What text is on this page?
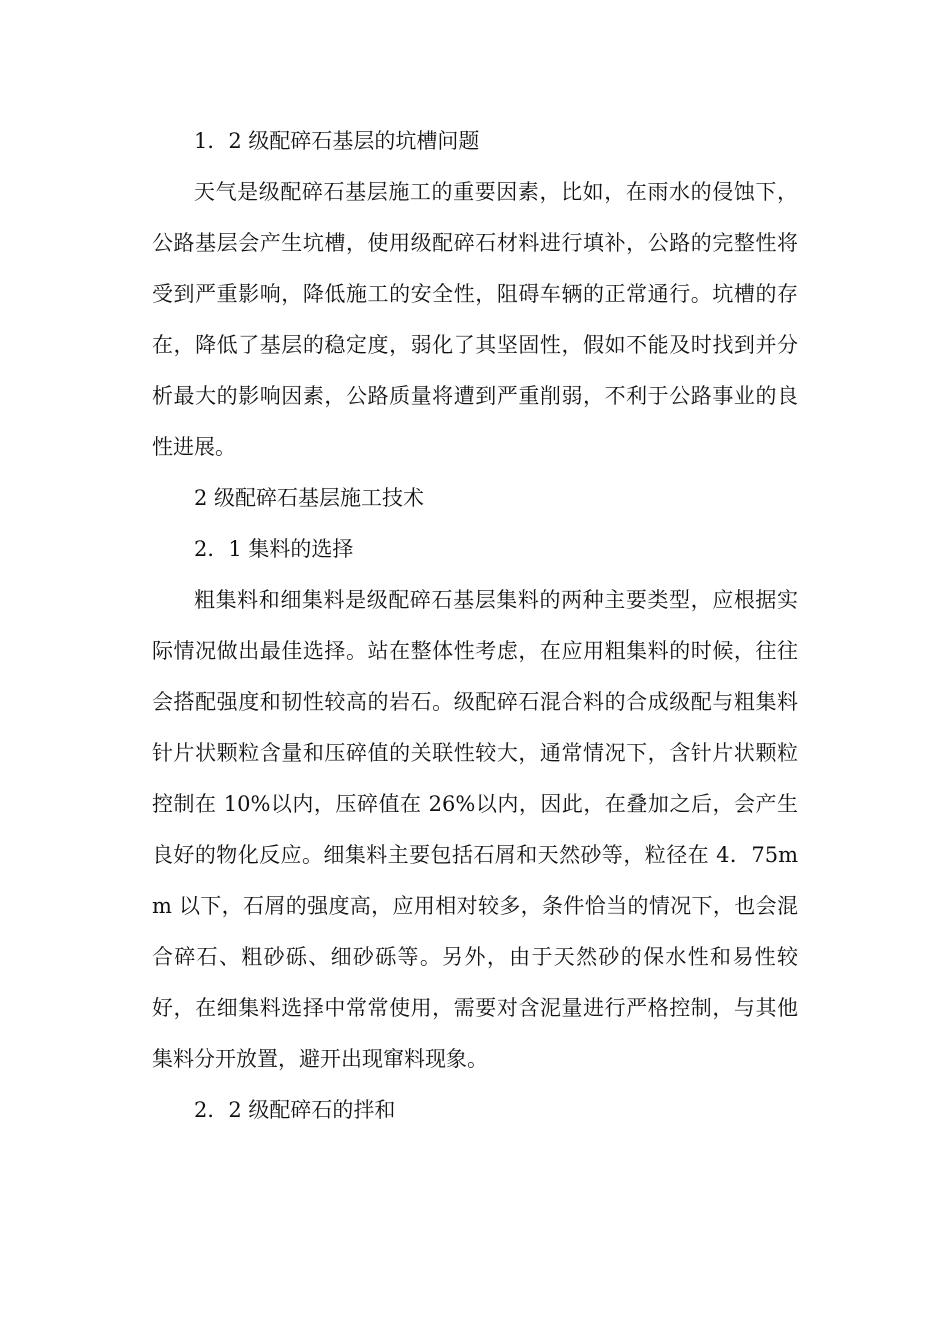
1．2 级配碎石基层的坑槽问题

天气是级配碎石基层施工的重要因素，比如，在雨水的侵蚀下，公路基层会产生坑槽，使用级配碎石材料进行填补，公路的完整性将受到严重影响，降低施工的安全性，阻碍车辆的正常通行。坑槽的存在，降低了基层的稳定度，弱化了其坚固性，假如不能及时找到并分析最大的影响因素，公路质量将遭到严重削弱，不利于公路事业的良性进展。

2 级配碎石基层施工技术

2．1 集料的选择

粗集料和细集料是级配碎石基层集料的两种主要类型，应根据实际情况做出最佳选择。站在整体性考虑，在应用粗集料的时候，往往会搭配强度和韧性较高的岩石。级配碎石混合料的合成级配与粗集料针片状颗粒含量和压碎值的关联性较大，通常情况下，含针片状颗粒控制在 10%以内，压碎值在 26%以内，因此，在叠加之后，会产生良好的物化反应。细集料主要包括石屑和天然砂等，粒径在 4．75mm 以下，石屑的强度高，应用相对较多，条件恰当的情况下，也会混合碎石、粗砂砾、细砂砾等。另外，由于天然砂的保水性和易性较好，在细集料选择中常常使用，需要对含泥量进行严格控制，与其他集料分开放置，避开出现窜料现象。

2．2 级配碎石的拌和
